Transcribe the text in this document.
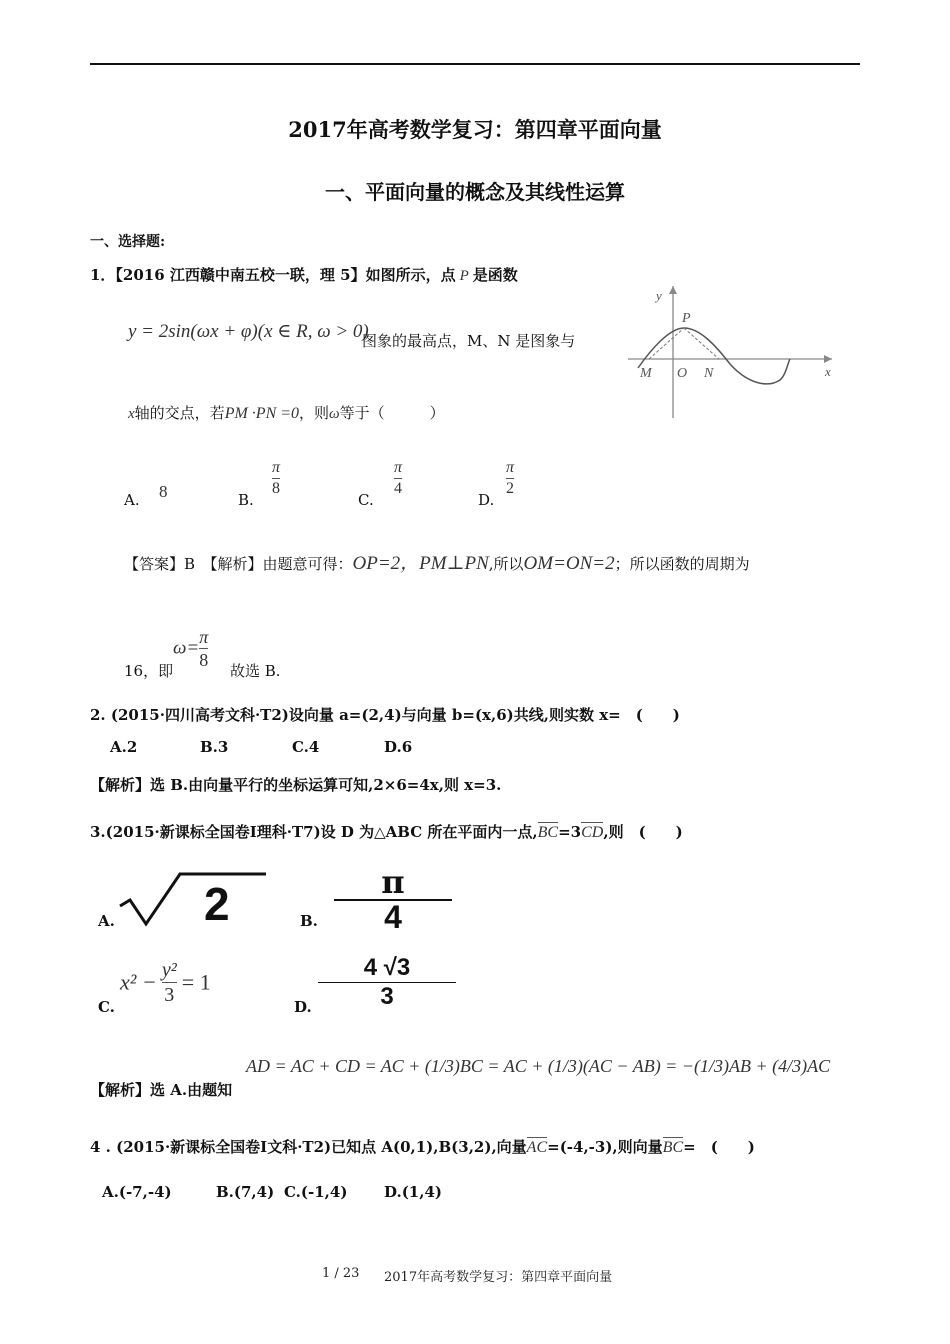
2017年高考数学复习：第四章平面向量
一、平面向量的概念及其线性运算
一、选择题:
1．【2016 江西赣中南五校一联，理 5】如图所示，点 P 是函数
y = 2sin(ωx + φ)(x ∈ R, ω > 0)
图象的最高点，M、N 是图象与
x轴的交点，若PM ·PN =0，则ω等于（　　　）
y
x
P
M O N
A. 8	B.
$\frac{\pi}{8}$
C.
$\frac{\pi}{4}$
D.
$\frac{\pi}{2}$
【答案】B　【解析】由题意可得：OP=2，PM⊥PN,所以OM=ON=2；所以函数的周期为
16，即
$\omega= \frac{\pi}{8}$
故选 B.
2. (2015·四川高考文科·T2)设向量 a=(2,4)与向量 b=(x,6)共线,则实数 x=　(　　)
A.2	B.3	C.4	D.6
【解析】选 B.由向量平行的坐标运算可知,2×6=4x,则 x=3.
3.(2015·新课标全国卷Ⅰ理科·T7)设 D 为△ABC 所在平面内一点,BC=3CD,则　(　　)
A. 2	B. $\frac{\pi}{4}$
C.
$x^2 - \frac{\text{y²}}{3} = 1$
D. $\frac{4 √3}{3}$
【解析】选 A.由题知
AD = AC + CD = AC + (1/3)BC = AC + (1/3)(AC − AB) = −(1/3)AB + (4/3)AC
4 . (2015·新课标全国卷Ⅰ文科·T2)已知点 A(0,1),B(3,2),向量AC=(-4,-3),则向量BC=　(　　)
A.(-7,-4)	B.(7,4) C.(-1,4) D.(1,4)
1 / 23 2017年高考数学复习：第四章平面向量
